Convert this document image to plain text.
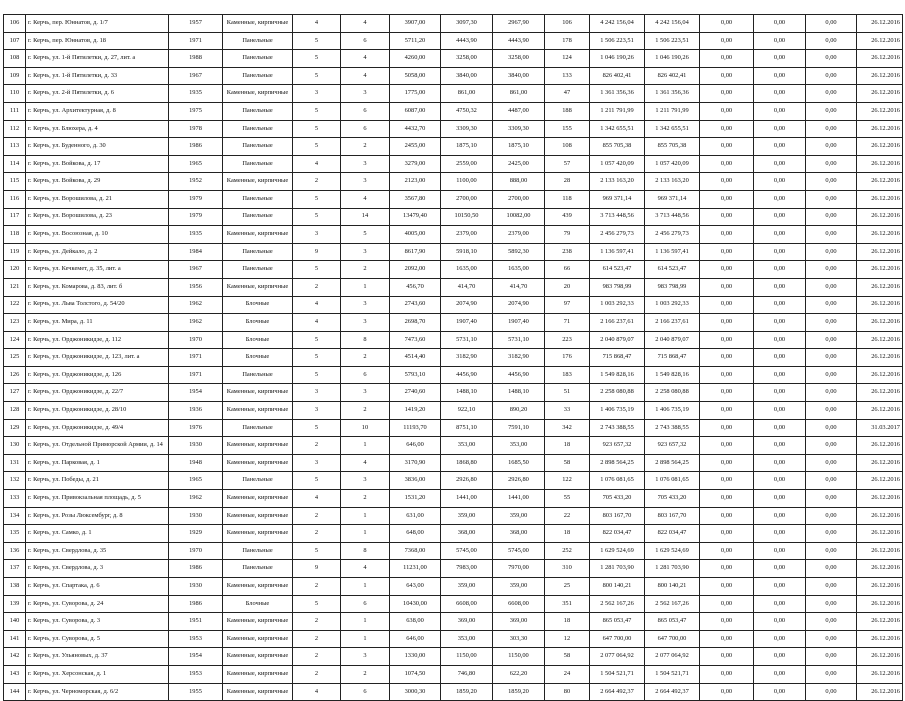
106	г. Керчь, пер. Юннатов, д. 1/7	1957	Каменные, кирпичные	4	4	3907,00	3097,30	2967,90	106	4 242 156,04	4 242 156,04	0,00	0,00	0,00	26.12.2016
107	г. Керчь, пер. Юннатов, д. 18	1971	Панельные	5	6	5711,20	4443,90	4443,90	178	1 506 223,51	1 506 223,51	0,00	0,00	0,00	26.12.2016
108	г. Керчь, ул. 1-й Пятилетки, д. 27, лит. а	1988	Панельные	5	4	4260,00	3258,00	3258,00	124	1 046 190,26	1 046 190,26	0,00	0,00	0,00	26.12.2016
109	г. Керчь, ул. 1-й Пятилетки, д. 33	1967	Панельные	5	4	5058,00	3840,00	3840,00	133	826 402,41	826 402,41	0,00	0,00	0,00	26.12.2016
110	г. Керчь, ул. 2-й Пятилетки, д. 6	1935	Каменные, кирпичные	3	3	1775,00	861,00	861,00	47	1 361 356,36	1 361 356,36	0,00	0,00	0,00	26.12.2016
111	г. Керчь, ул. Архитектурная, д. 8	1975	Панельные	5	6	6087,00	4750,32	4487,00	188	1 211 791,99	1 211 791,99	0,00	0,00	0,00	26.12.2016
112	г. Керчь, ул. Блюхера, д. 4	1978	Панельные	5	6	4432,70	3309,30	3309,30	155	1 342 655,51	1 342 655,51	0,00	0,00	0,00	26.12.2016
113	г. Керчь, ул. Буденного, д. 30	1986	Панельные	5	2	2455,00	1875,10	1875,10	108	855 705,38	855 705,38	0,00	0,00	0,00	26.12.2016
114	г. Керчь, ул. Войкова, д. 17	1965	Панельные	4	3	3279,00	2559,00	2425,00	57	1 057 420,09	1 057 420,09	0,00	0,00	0,00	26.12.2016
115	г. Керчь, ул. Войкова, д. 29	1952	Каменные, кирпичные	2	3	2123,00	1100,00	888,00	28	2 133 163,20	2 133 163,20	0,00	0,00	0,00	26.12.2016
116	г. Керчь, ул. Ворошилова, д. 21	1979	Панельные	5	4	3567,80	2700,00	2700,00	118	969 371,14	969 371,14	0,00	0,00	0,00	26.12.2016
117	г. Керчь, ул. Ворошилова, д. 23	1979	Панельные	5	14	13479,40	10150,50	10082,00	439	3 713 448,56	3 713 448,56	0,00	0,00	0,00	26.12.2016
118	г. Керчь, ул. Восоюзная, д. 10	1935	Каменные, кирпичные	3	5	4005,00	2379,00	2379,00	79	2 456 279,73	2 456 279,73	0,00	0,00	0,00	26.12.2016
119	г. Керчь, ул. Дейкало, д. 2	1984	Панельные	9	3	8617,90	5918,10	5892,30	238	1 136 597,41	1 136 597,41	0,00	0,00	0,00	26.12.2016
120	г. Керчь, ул. Кечкемет, д. 35, лит. а	1967	Панельные	5	2	2092,00	1635,00	1635,00	66	614 523,47	614 523,47	0,00	0,00	0,00	26.12.2016
121	г. Керчь, ул. Комарова, д. 83, лит. б	1956	Каменные, кирпичные	2	1	456,70	414,70	414,70	20	983 798,99	983 798,99	0,00	0,00	0,00	26.12.2016
122	г. Керчь, ул. Льва Толстого, д. 54/20	1962	Блочные	4	3	2743,60	2074,90	2074,90	97	1 003 292,33	1 003 292,33	0,00	0,00	0,00	26.12.2016
123	г. Керчь, ул. Мира, д. 11	1962	Блочные	4	3	2698,70	1907,40	1907,40	71	2 166 237,61	2 166 237,61	0,00	0,00	0,00	26.12.2016
124	г. Керчь, ул. Орджоникидзе, д. 112	1970	Блочные	5	8	7473,60	5731,10	5731,10	223	2 040 879,07	2 040 879,07	0,00	0,00	0,00	26.12.2016
125	г. Керчь, ул. Орджоникидзе, д. 123, лит. а	1971	Блочные	5	2	4514,40	3182,90	3182,90	176	715 868,47	715 868,47	0,00	0,00	0,00	26.12.2016
126	г. Керчь, ул. Орджоникидзе, д. 126	1971	Панельные	5	6	5793,10	4456,90	4456,90	183	1 549 828,16	1 549 828,16	0,00	0,00	0,00	26.12.2016
127	г. Керчь, ул. Орджоникидзе, д. 22/7	1954	Каменные, кирпичные	3	3	2740,60	1488,10	1488,10	51	2 258 080,88	2 258 080,88	0,00	0,00	0,00	26.12.2016
128	г. Керчь, ул. Орджоникидзе, д. 28/10	1936	Каменные, кирпичные	3	2	1419,20	922,10	890,20	33	1 406 735,19	1 406 735,19	0,00	0,00	0,00	26.12.2016
129	г. Керчь, ул. Орджоникидзе, д. 49/4	1976	Панельные	5	10	11193,70	8751,10	7591,10	342	2 743 388,55	2 743 388,55	0,00	0,00	0,00	31.03.2017
130	г. Керчь, ул. Отдельной Приморской Армии, д. 14	1930	Каменные, кирпичные	2	1	646,00	353,00	353,00	18	923 657,32	923 657,32	0,00	0,00	0,00	26.12.2016
131	г. Керчь, ул. Парковая, д. 1	1948	Каменные, кирпичные	3	4	3170,90	1868,80	1685,50	58	2 898 564,25	2 898 564,25	0,00	0,00	0,00	26.12.2016
132	г. Керчь, ул. Победы, д. 21	1965	Панельные	5	3	3836,00	2926,80	2926,80	122	1 076 081,65	1 076 081,65	0,00	0,00	0,00	26.12.2016
133	г. Керчь, ул. Привокзальная площадь, д. 5	1962	Каменные, кирпичные	4	2	1531,20	1441,00	1441,00	55	705 433,20	705 433,20	0,00	0,00	0,00	26.12.2016
134	г. Керчь, ул. Розы Люксембург, д. 8	1930	Каменные, кирпичные	2	1	631,00	359,00	359,00	22	803 167,70	803 167,70	0,00	0,00	0,00	26.12.2016
135	г. Керчь, ул. Самко, д. 1	1929	Каменные, кирпичные	2	1	648,00	368,00	368,00	18	822 034,47	822 034,47	0,00	0,00	0,00	26.12.2016
136	г. Керчь, ул. Свердлова, д. 35	1970	Панельные	5	8	7368,00	5745,00	5745,00	252	1 629 524,69	1 629 524,69	0,00	0,00	0,00	26.12.2016
137	г. Керчь, ул. Свердлова, д. 3	1986	Панельные	9	4	11231,00	7983,00	7970,00	310	1 281 703,90	1 281 703,90	0,00	0,00	0,00	26.12.2016
138	г. Керчь, ул. Спартака, д. 6	1930	Каменные, кирпичные	2	1	643,00	359,00	359,00	25	800 140,21	800 140,21	0,00	0,00	0,00	26.12.2016
139	г. Керчь, ул. Суворова, д. 24	1986	Блочные	5	6	10430,00	6608,00	6608,00	351	2 562 167,26	2 562 167,26	0,00	0,00	0,00	26.12.2016
140	г. Керчь, ул. Суворова, д. 3	1951	Каменные, кирпичные	2	1	638,00	369,00	369,00	18	865 053,47	865 053,47	0,00	0,00	0,00	26.12.2016
141	г. Керчь, ул. Суворова, д. 5	1953	Каменные, кирпичные	2	1	646,00	353,00	303,30	12	647 700,00	647 700,00	0,00	0,00	0,00	26.12.2016
142	г. Керчь, ул. Ульяновых, д. 37	1954	Каменные, кирпичные	2	3	1330,00	1150,00	1150,00	58	2 077 064,92	2 077 064,92	0,00	0,00	0,00	26.12.2016
143	г. Керчь, ул. Херсонская, д. 1	1953	Каменные, кирпичные	2	2	1074,50	746,80	622,20	24	1 504 521,71	1 504 521,71	0,00	0,00	0,00	26.12.2016
144	г. Керчь, ул. Черноморская, д. 6/2	1955	Каменные, кирпичные	4	6	3000,30	1859,20	1859,20	80	2 664 492,37	2 664 492,37	0,00	0,00	0,00	26.12.2016
